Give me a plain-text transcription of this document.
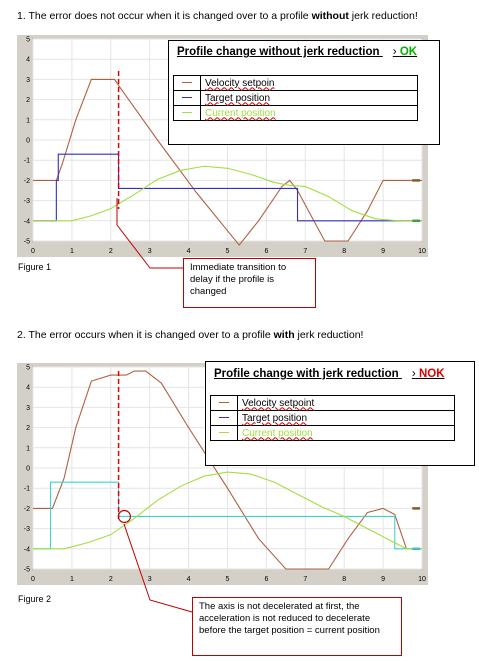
1. The error does not occur when it is changed over to a profile without jerk reduction!
0	1	2	3	4	5	6	7	8	9	10
5
4
3
2
1
0
-1
-2
-3
-4
-5
Profile change without jerk reduction › OK
	Velocity setpoin
	Target position
	Current position
Figure 1	Immediate transition to delay if the profile is changed
2. The error occurs when it is changed over to a profile with jerk reduction!
0	1	2	3	4	5	6	7	8	9	10
5
4
3
2
1
0
-1
-2
-3
-4
-5
Profile change with jerk reduction › NOK
	Velocity setpoint
	Target position
	Current position
Figure 2
The axis is not decelerated at first, the acceleration is not reduced to decelerate before the target position = current position
